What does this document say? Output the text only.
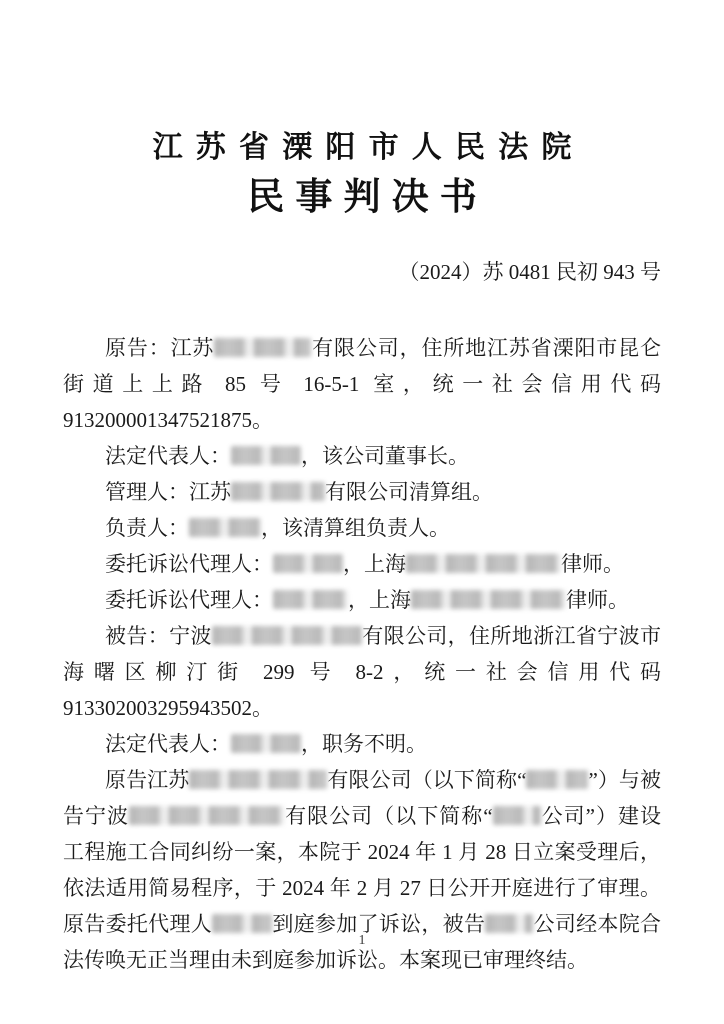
江苏省溧阳市人民法院
民事判决书
（2024）苏 0481 民初 943 号

原告：江苏	有限公司，住所地江苏省溧阳市昆仑街道上上路 85 号 16-5-1 室，统一社会信用代码 913200001347521875。

法定代表人：	，该公司董事长。

管理人：江苏	有限公司清算组。

负责人：	，该清算组负责人。

委托诉讼代理人：	，上海	律师。

委托诉讼代理人：	，上海	律师。

被告：宁波	有限公司，住所地浙江省宁波市海曙区柳汀街 299 号 8-2，统一社会信用代码 913302003295943502。

法定代表人：	，职务不明。

原告江苏	有限公司（以下简称“	”）与被告宁波	有限公司（以下简称“ 公司”）建设工程施工合同纠纷一案，本院于 2024 年 1 月 28 日立案受理后，依法适用简易程序，于 2024 年 2 月 27 日公开开庭进行了审理。原告委托代理人	到庭参加了诉讼，被告 公司经本院合法传唤无正当理由未到庭参加诉讼。本案现已审理终结。

1
